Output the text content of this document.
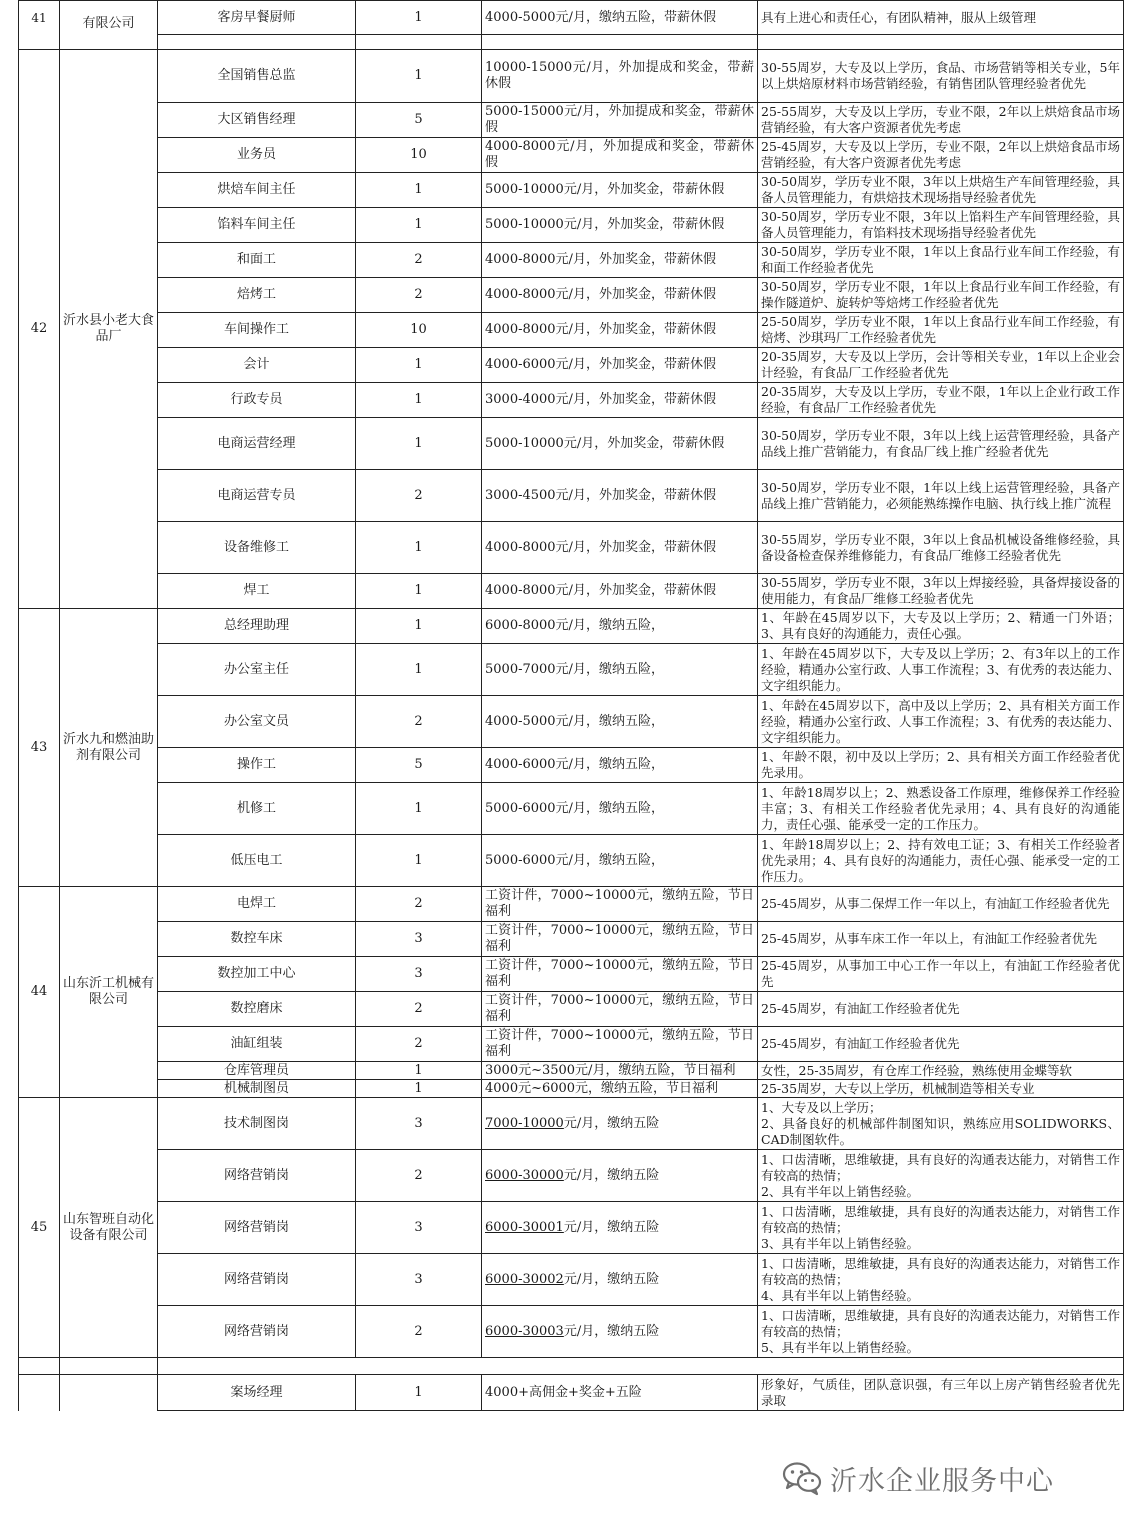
41	有限公司	客房早餐厨师	1	4000-5000元/月，缴纳五险，带薪休假	具有上进心和责任心，有团队精神，服从上级管理

42	沂水县小老大食品厂	全国销售总监	1	10000-15000元/月，外加提成和奖金，带薪休假	30-55周岁，大专及以上学历，食品、市场营销等相关专业，5年以上烘焙原材料市场营销经验，有销售团队管理经验者优先
		大区销售经理	5	5000-15000元/月，外加提成和奖金，带薪休假	25-55周岁，大专及以上学历，专业不限，2年以上烘焙食品市场营销经验，有大客户资源者优先考虑
		业务员	10	4000-8000元/月，外加提成和奖金，带薪休假	25-45周岁，大专及以上学历，专业不限，2年以上烘焙食品市场营销经验，有大客户资源者优先考虑
		烘焙车间主任	1	5000-10000元/月，外加奖金，带薪休假	30-50周岁，学历专业不限，3年以上烘焙生产车间管理经验，具备人员管理能力，有烘焙技术现场指导经验者优先
		馅料车间主任	1	5000-10000元/月，外加奖金，带薪休假	30-50周岁，学历专业不限，3年以上馅料生产车间管理经验，具备人员管理能力，有馅料技术现场指导经验者优先
		和面工	2	4000-8000元/月，外加奖金，带薪休假	30-50周岁，学历专业不限，1年以上食品行业车间工作经验，有和面工作经验者优先
		焙烤工	2	4000-8000元/月，外加奖金，带薪休假	30-50周岁，学历专业不限，1年以上食品行业车间工作经验，有操作隧道炉、旋转炉等焙烤工作经验者优先
		车间操作工	10	4000-8000元/月，外加奖金，带薪休假	25-50周岁，学历专业不限，1年以上食品行业车间工作经验，有焙烤、沙琪玛厂工作经验者优先
		会计	1	4000-6000元/月，外加奖金，带薪休假	20-35周岁，大专及以上学历，会计等相关专业，1年以上企业会计经验，有食品厂工作经验者优先
		行政专员	1	3000-4000元/月，外加奖金，带薪休假	20-35周岁，大专及以上学历，专业不限，1年以上企业行政工作经验，有食品厂工作经验者优先
		电商运营经理	1	5000-10000元/月，外加奖金，带薪休假	30-50周岁，学历专业不限，3年以上线上运营管理经验，具备产品线上推广营销能力，有食品厂线上推广经验者优先
		电商运营专员	2	3000-4500元/月，外加奖金，带薪休假	30-50周岁，学历专业不限，1年以上线上运营管理经验，具备产品线上推广营销能力，必须能熟练操作电脑、执行线上推广流程
		设备维修工	1	4000-8000元/月，外加奖金，带薪休假	30-55周岁，学历专业不限，3年以上食品机械设备维修经验，具备设备检查保养维修能力，有食品厂维修工经验者优先
		焊工	1	4000-8000元/月，外加奖金，带薪休假	30-55周岁，学历专业不限，3年以上焊接经验，具备焊接设备的使用能力，有食品厂维修工经验者优先
43	沂水九和燃油助剂有限公司	总经理助理	1	6000-8000元/月，缴纳五险，	1、年龄在45周岁以下，大专及以上学历；2、精通一门外语；3、具有良好的沟通能力，责任心强。
		办公室主任	1	5000-7000元/月，缴纳五险，	1、年龄在45周岁以下，大专及以上学历；2、有3年以上的工作经验，精通办公室行政、人事工作流程；3、有优秀的表达能力、文字组织能力。
		办公室文员	2	4000-5000元/月，缴纳五险，	1、年龄在45周岁以下，高中及以上学历；2、具有相关方面工作经验，精通办公室行政、人事工作流程；3、有优秀的表达能力、文字组织能力。
		操作工	5	4000-6000元/月，缴纳五险，	1、年龄不限，初中及以上学历；2、具有相关方面工作经验者优先录用。
		机修工	1	5000-6000元/月，缴纳五险，	1、年龄18周岁以上；2、熟悉设备工作原理，维修保养工作经验丰富；3、有相关工作经验者优先录用；4、具有良好的沟通能力，责任心强、能承受一定的工作压力。
		低压电工	1	5000-6000元/月，缴纳五险，	1、年龄18周岁以上；2、持有效电工证；3、有相关工作经验者优先录用；4、具有良好的沟通能力，责任心强、能承受一定的工作压力。
44	山东沂工机械有限公司	电焊工	2	工资计件，7000~10000元，缴纳五险，节日福利	25-45周岁，从事二保焊工作一年以上，有油缸工作经验者优先
		数控车床	3	工资计件，7000~10000元，缴纳五险，节日福利	25-45周岁，从事车床工作一年以上，有油缸工作经验者优先
		数控加工中心	3	工资计件，7000~10000元，缴纳五险，节日福利	25-45周岁，从事加工中心工作一年以上，有油缸工作经验者优先
		数控磨床	2	工资计件，7000~10000元，缴纳五险，节日福利	25-45周岁，有油缸工作经验者优先
		油缸组装	2	工资计件，7000~10000元，缴纳五险，节日福利	25-45周岁，有油缸工作经验者优先
		仓库管理员	1	3000元~3500元/月，缴纳五险，节日福利	女性，25-35周岁，有仓库工作经验，熟练使用金蝶等软
		机械制图员	1	4000元~6000元，缴纳五险，节日福利	25-35周岁，大专以上学历，机械制造等相关专业
45	山东智班自动化设备有限公司	技术制图岗	3	7000-10000元/月，缴纳五险	1、大专及以上学历；
2、具备良好的机械部件制图知识，熟练应用SOLIDWORKS、CAD制图软件。

		网络营销岗	2	6000-30000元/月，缴纳五险	1、口齿清晰，思维敏捷，具有良好的沟通表达能力，对销售工作有较高的热情；
2、具有半年以上销售经验。

		网络营销岗	3	6000-30001元/月，缴纳五险	1、口齿清晰，思维敏捷，具有良好的沟通表达能力，对销售工作有较高的热情；
3、具有半年以上销售经验。

		网络营销岗	3	6000-30002元/月，缴纳五险	1、口齿清晰，思维敏捷，具有良好的沟通表达能力，对销售工作有较高的热情；
4、具有半年以上销售经验。

		网络营销岗	2	6000-30003元/月，缴纳五险	1、口齿清晰，思维敏捷，具有良好的沟通表达能力，对销售工作有较高的热情；
5、具有半年以上销售经验。

		案场经理	1	4000+高佣金+奖金+五险	形象好，气质佳，团队意识强，有三年以上房产销售经验者优先录取
沂水企业服务中心
